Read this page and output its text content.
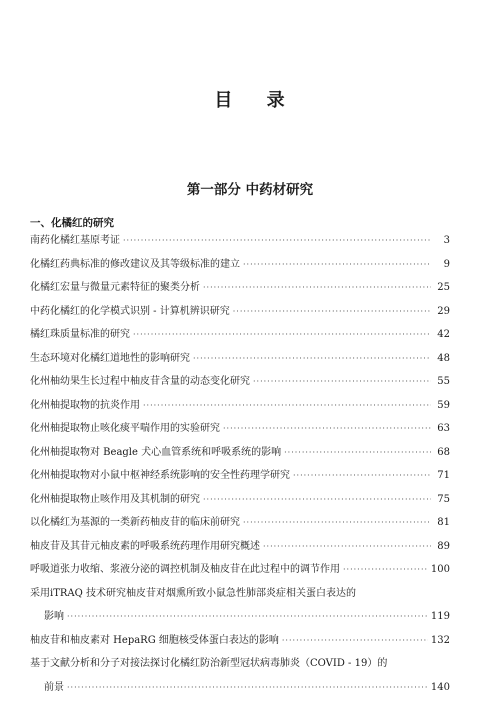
目 录
第一部分 中药材研究
一、化橘红的研究
南药化橘红基原考证 ·····	3
化橘红药典标准的修改建议及其等级标准的建立 ·····	9
化橘红宏量与微量元素特征的聚类分析 ·····	25
中药化橘红的化学模式识别 - 计算机辨识研究 ·····	29
橘红珠质量标准的研究 ·····	42
生态环境对化橘红道地性的影响研究 ·····	48
化州柚幼果生长过程中柚皮苷含量的动态变化研究 ·····	55
化州柚提取物的抗炎作用 ·····	59
化州柚提取物止咳化痰平喘作用的实验研究 ·····	63
化州柚提取物对 Beagle 犬心血管系统和呼吸系统的影响 ·····	68
化州柚提取物对小鼠中枢神经系统影响的安全性药理学研究 ·····	71
化州柚提取物止咳作用及其机制的研究 ·····	75
以化橘红为基源的一类新药柚皮苷的临床前研究 ·····	81
柚皮苷及其苷元柚皮素的呼吸系统药理作用研究概述 ·····	89
呼吸道张力收缩、浆液分泌的调控机制及柚皮苷在此过程中的调节作用 ·····	100
采用iTRAQ 技术研究柚皮苷对烟熏所致小鼠急性肺部炎症相关蛋白表达的
影响 ·····	119
柚皮苷和柚皮素对 HepaRG 细胞核受体蛋白表达的影响 ·····	132
基于文献分析和分子对接法探讨化橘红防治新型冠状病毒肺炎（COVID - 19）的
前景 ·····	140
